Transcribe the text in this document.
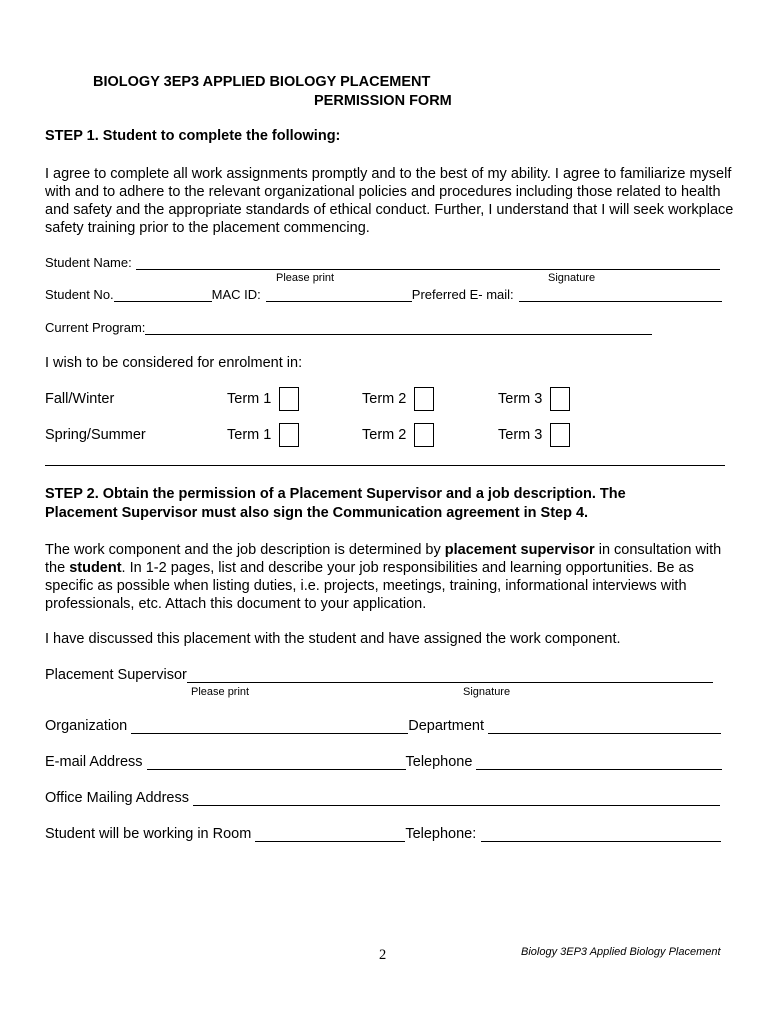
BIOLOGY 3EP3 APPLIED BIOLOGY PLACEMENT
PERMISSION FORM
STEP 1. Student to complete the following:
I agree to complete all work assignments promptly and to the best of my ability. I agree to familiarize myself with and to adhere to the relevant organizational policies and procedures including those related to health and safety and the appropriate standards of ethical conduct. Further, I understand that I will seek workplace safety training prior to the placement commencing.
Student Name:
Please print	Signature
Student No.	MAC ID:	Preferred E- mail:
Current Program:
I wish to be considered for enrolment in:
Fall/Winter	Term 1	Term 2	Term 3
Spring/Summer	Term 1	Term 2	Term 3
STEP 2. Obtain the permission of a Placement Supervisor and a job description. The
Placement Supervisor must also sign the Communication agreement in Step 4.
The work component and the job description is determined by placement supervisor in consultation with the student. In 1-2 pages, list and describe your job responsibilities and learning opportunities. Be as specific as possible when listing duties, i.e. projects, meetings, training, informational interviews with professionals, etc. Attach this document to your application.
I have discussed this placement with the student and have assigned the work component.
Placement Supervisor
Please print	Signature
Organization	Department
E-mail Address	Telephone
Office Mailing Address
Student will be working in Room	Telephone:
2	Biology 3EP3 Applied Biology Placement
